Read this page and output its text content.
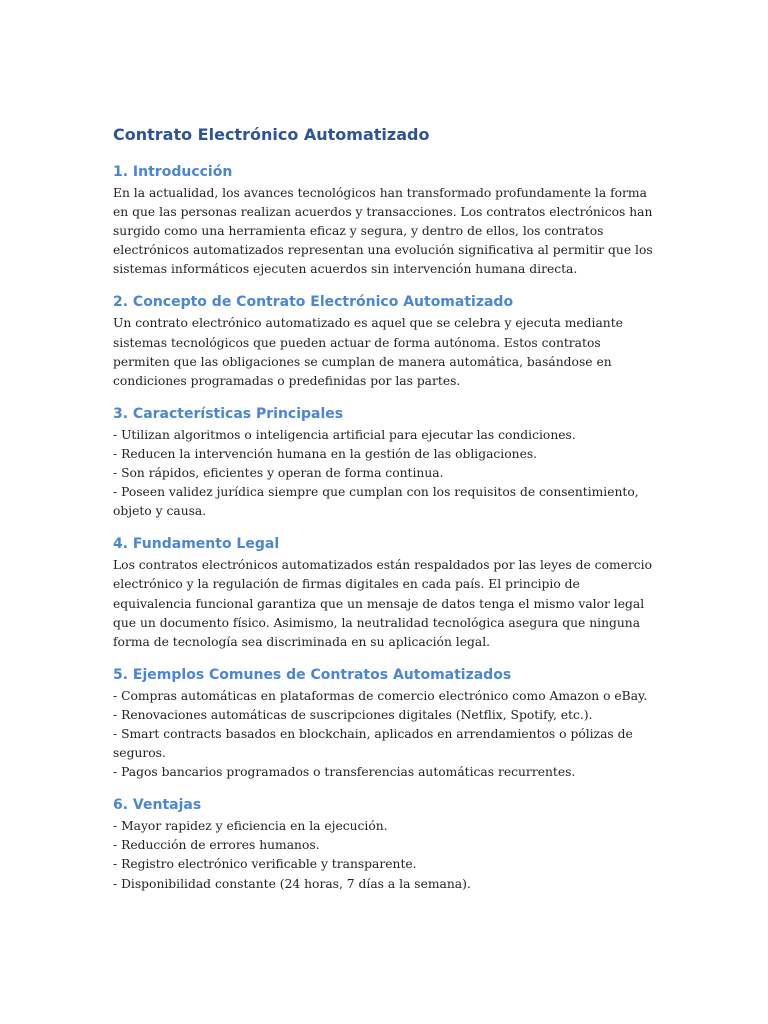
Contrato Electrónico Automatizado
1. Introducción

En la actualidad, los avances tecnológicos han transformado profundamente la forma en que las personas realizan acuerdos y transacciones. Los contratos electrónicos han surgido como una herramienta eficaz y segura, y dentro de ellos, los contratos electrónicos automatizados representan una evolución significativa al permitir que los sistemas informáticos ejecuten acuerdos sin intervención humana directa.

2. Concepto de Contrato Electrónico Automatizado

Un contrato electrónico automatizado es aquel que se celebra y ejecuta mediante sistemas tecnológicos que pueden actuar de forma autónoma. Estos contratos permiten que las obligaciones se cumplan de manera automática, basándose en condiciones programadas o predefinidas por las partes.

3. Características Principales
- Utilizan algoritmos o inteligencia artificial para ejecutar las condiciones.
- Reducen la intervención humana en la gestión de las obligaciones.
- Son rápidos, eficientes y operan de forma continua.
- Poseen validez jurídica siempre que cumplan con los requisitos de consentimiento, objeto y causa.
4. Fundamento Legal

Los contratos electrónicos automatizados están respaldados por las leyes de comercio electrónico y la regulación de firmas digitales en cada país. El principio de equivalencia funcional garantiza que un mensaje de datos tenga el mismo valor legal que un documento físico. Asimismo, la neutralidad tecnológica asegura que ninguna forma de tecnología sea discriminada en su aplicación legal.

5. Ejemplos Comunes de Contratos Automatizados
- Compras automáticas en plataformas de comercio electrónico como Amazon o eBay.
- Renovaciones automáticas de suscripciones digitales (Netflix, Spotify, etc.).
- Smart contracts basados en blockchain, aplicados en arrendamientos o pólizas de seguros.
- Pagos bancarios programados o transferencias automáticas recurrentes.
6. Ventajas
- Mayor rapidez y eficiencia en la ejecución.
- Reducción de errores humanos.
- Registro electrónico verificable y transparente.
- Disponibilidad constante (24 horas, 7 días a la semana).
